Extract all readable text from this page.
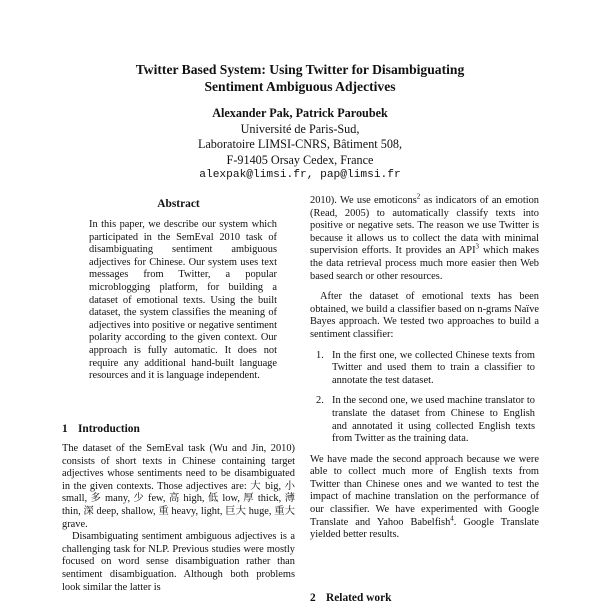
Twitter Based System: Using Twitter for Disambiguating
Sentiment Ambiguous Adjectives
Alexander Pak, Patrick Paroubek
Université de Paris-Sud,
Laboratoire LIMSI-CNRS, Bâtiment 508,
F-91405 Orsay Cedex, France
alexpak@limsi.fr, pap@limsi.fr
Abstract

In this paper, we describe our system which participated in the SemEval 2010 task of disambiguating sentiment ambiguous adjectives for Chinese. Our system uses text messages from Twitter, a popular microblogging platform, for building a dataset of emotional texts. Using the built dataset, the system classifies the meaning of adjectives into positive or negative sentiment polarity according to the given context. Our approach is fully automatic. It does not require any additional hand-built language resources and it is language independent.

1 Introduction

The dataset of the SemEval task (Wu and Jin, 2010) consists of short texts in Chinese containing target adjectives whose sentiments need to be disambiguated in the given contexts. Those adjectives are: 大 big, 小 small, 多 many, 少 few, 高 high, 低 low, 厚 thick, 薄 thin, 深 deep, shallow, 重 heavy, light, 巨大 huge, 重大 grave.

Disambiguating sentiment ambiguous adjectives is a challenging task for NLP. Previous studies were mostly focused on word sense disambiguation rather than sentiment disambiguation. Although both problems look similar the latter is

2010). We use emoticons$^2$ as indicators of an emotion (Read, 2005) to automatically classify texts into positive or negative sets. The reason we use Twitter is because it allows us to collect the data with minimal supervision efforts. It provides an API$^3$ which makes the data retrieval process much more easier then Web based search or other resources.

After the dataset of emotional texts has been obtained, we build a classifier based on n-grams Naïve Bayes approach. We tested two approaches to build a sentiment classifier:

1. In the first one, we collected Chinese texts from Twitter and used them to train a classifier to annotate the test dataset.
2. In the second one, we used machine translator to translate the dataset from Chinese to English and annotated it using collected English texts from Twitter as the training data.

We have made the second approach because we were able to collect much more of English texts from Twitter than Chinese ones and we wanted to test the impact of machine translation on the performance of our classifier. We have experimented with Google Translate and Yahoo Babelfish$^4$. Google Translate yielded better results.

2 Related work
